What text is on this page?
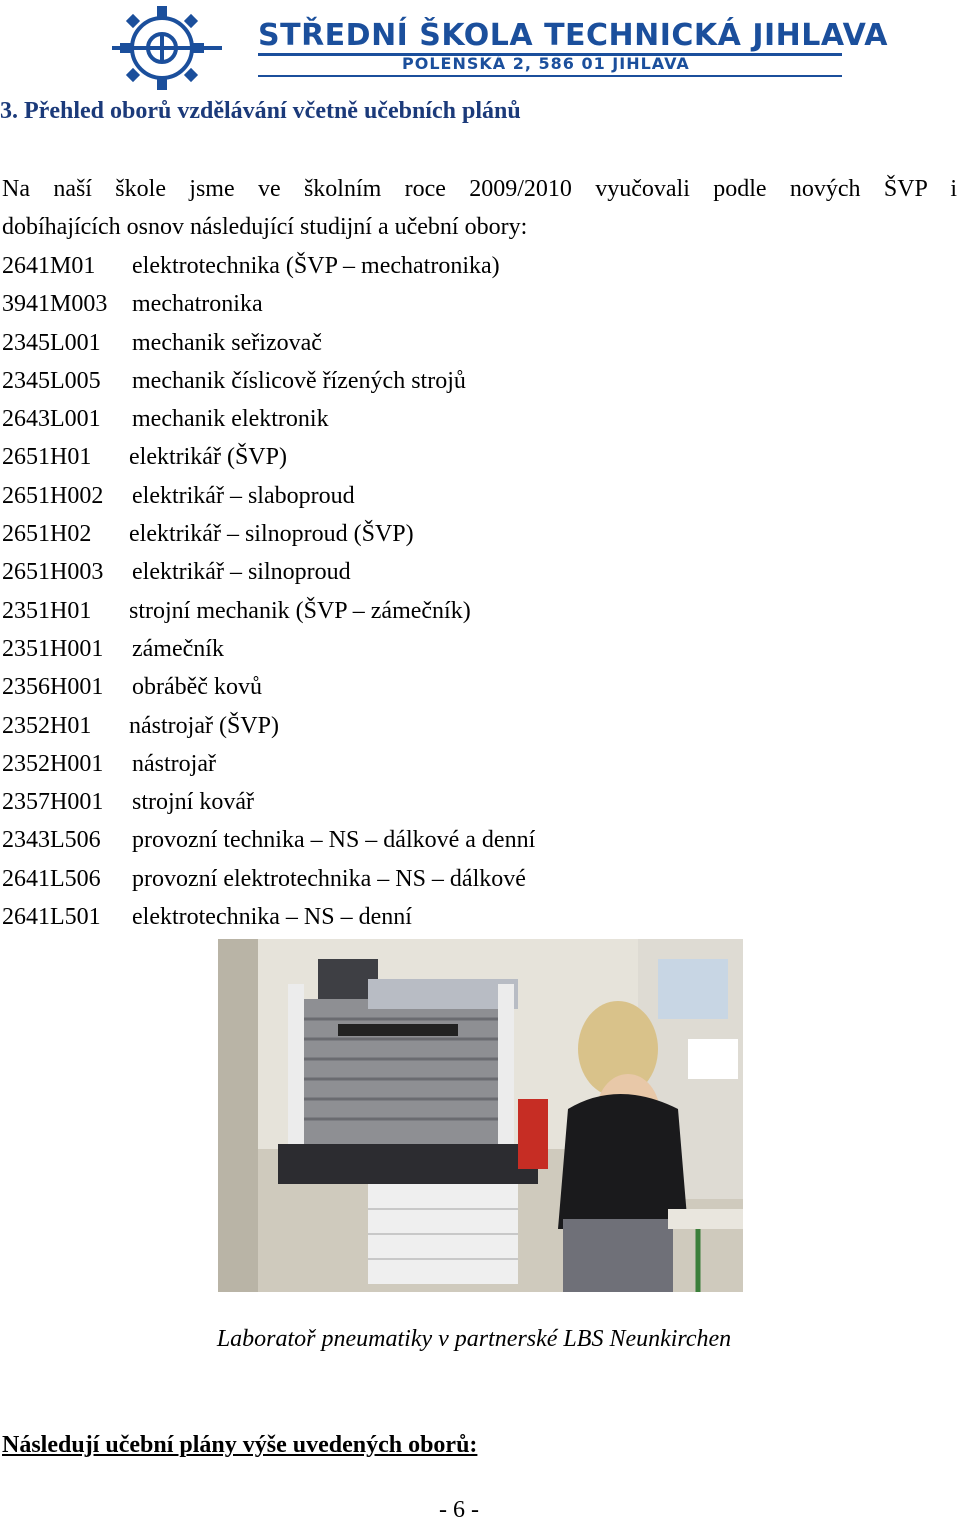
STŘEDNÍ ŠKOLA TECHNICKÁ JIHLAVA
POLENSKÁ 2, 586 01 JIHLAVA
3. Přehled oborů vzdělávání včetně učebních plánů
Na naší škole jsme ve školním roce 2009/2010 vyučovali podle nových ŠVP i
dobíhajících osnov následující studijní a učební obory:
2641M01 elektrotechnika (ŠVP – mechatronika)
3941M003 mechatronika
2345L001 mechanik seřizovač
2345L005 mechanik číslicově řízených strojů
2643L001 mechanik elektronik
2651H01 elektrikář (ŠVP)
2651H002 elektrikář – slaboproud
2651H02 elektrikář – silnoproud (ŠVP)
2651H003 elektrikář – silnoproud
2351H01 strojní mechanik (ŠVP – zámečník)
2351H001 zámečník
2356H001 obráběč kovů
2352H01 nástrojař (ŠVP)
2352H001 nástrojař
2357H001 strojní kovář
2343L506 provozní technika – NS – dálkové a denní
2641L506 provozní elektrotechnika – NS – dálkové
2641L501 elektrotechnika – NS – denní
Laboratoř pneumatiky v partnerské LBS Neunkirchen
Následují učební plány výše uvedených oborů:
- 6 -
